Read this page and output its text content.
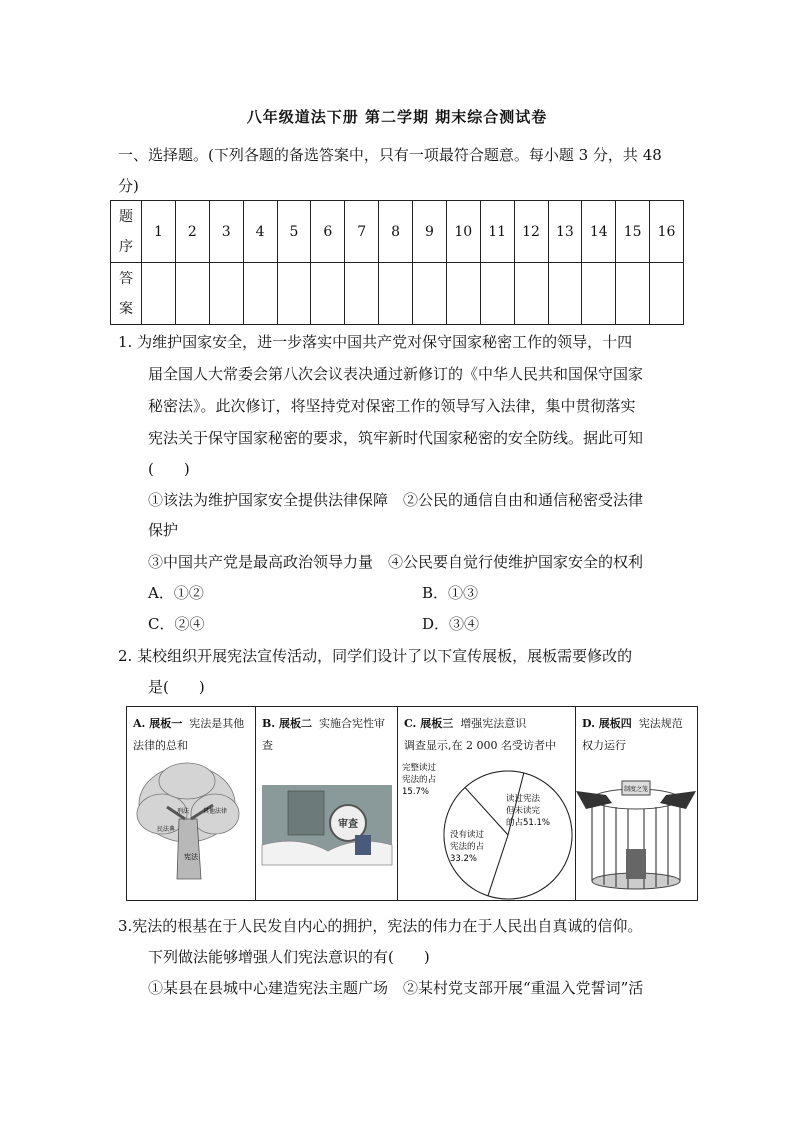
八年级道法下册 第二学期 期末综合测试卷
一、选择题。(下列各题的备选答案中，只有一项最符合题意。每小题 3 分，共 48
分)
题
序	1	2	3	4	5	6	7	8	9	10	11	12	13	14	15	16

答
案																

1. 为维护国家安全，进一步落实中国共产党对保守国家秘密工作的领导，十四
届全国人大常委会第八次会议表决通过新修订的《中华人民共和国保守国家
秘密法》。此次修订，将坚持党对保密工作的领导写入法律，集中贯彻落实
宪法关于保守国家秘密的要求，筑牢新时代国家秘密的安全防线。据此可知
(　　)
①该法为维护国家安全提供法律保障　②公民的通信自由和通信秘密受法律
保护
③中国共产党是最高政治领导力量　④公民要自觉行使维护国家安全的权利
A．①②	B．①③
C．②④	D．③④
2. 某校组织开展宪法宣传活动，同学们设计了以下宣传展板，展板需要修改的
是(　　)
A. 展板一 宪法是其他法律的总和
民法典
刑法 其他法律
宪法
B. 展板二 实施合宪性审查
审查
C. 展板三 增强宪法意识
调查显示,在 2 000 名受访者中
完整读过宪法的占 15.7%
读过宪法但未读完的占51.1%
没有读过宪法的占 33.2%
D. 展板四 宪法规范权力运行
制度之笼
3.宪法的根基在于人民发自内心的拥护，宪法的伟力在于人民出自真诚的信仰。
下列做法能够增强人们宪法意识的有(　　)
①某县在县城中心建造宪法主题广场　②某村党支部开展“重温入党誓词”活
